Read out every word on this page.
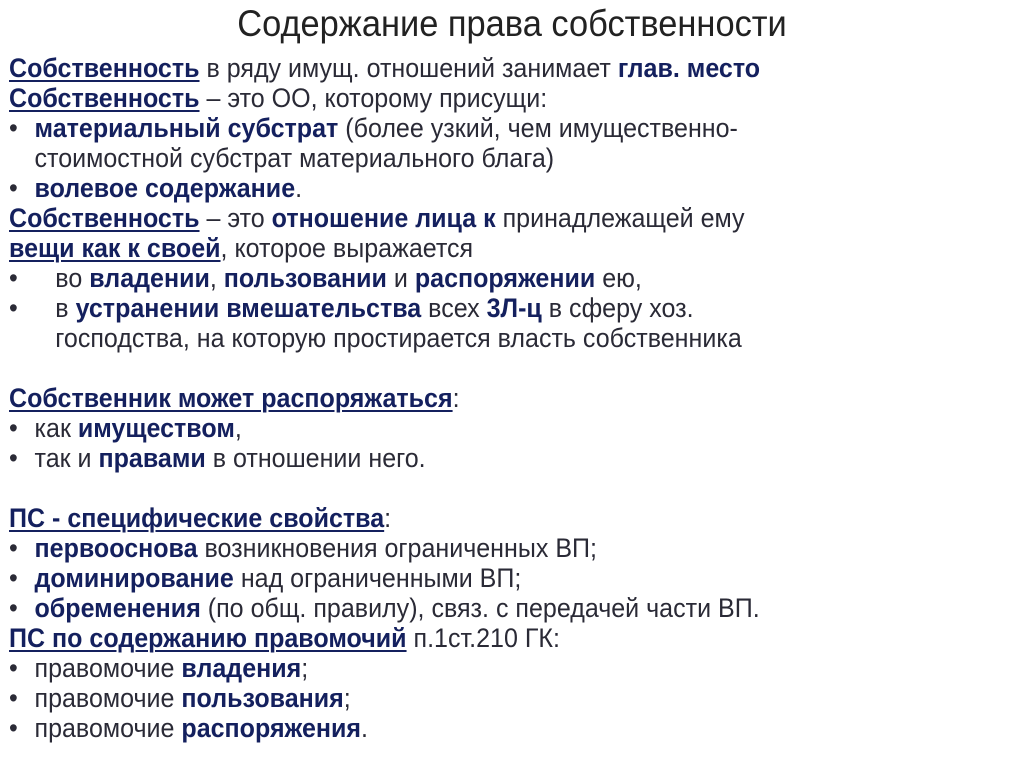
Содержание права собственности
Собственность в ряду имущ. отношений занимает глав. место
Собственность – это ОО, которому присущи:
• материальный субстрат (более узкий, чем имущественно-
стоимостной субстрат материального блага)
• волевое содержание.
Собственность – это отношение лица к принадлежащей ему
вещи как к своей, которое выражается
• во владении, пользовании и распоряжении ею,
• в устранении вмешательства всех 3Л-ц в сферу хоз.
господства, на которую простирается власть собственника
Собственник может распоряжаться:
• как имуществом,
• так и правами в отношении него.
ПС - специфические свойства:
• первооснова возникновения ограниченных ВП;
• доминирование над ограниченными ВП;
• обременения (по общ. правилу), связ. с передачей части ВП.
ПС по содержанию правомочий п.1ст.210 ГК:
• правомочие владения;
• правомочие пользования;
• правомочие распоряжения.
